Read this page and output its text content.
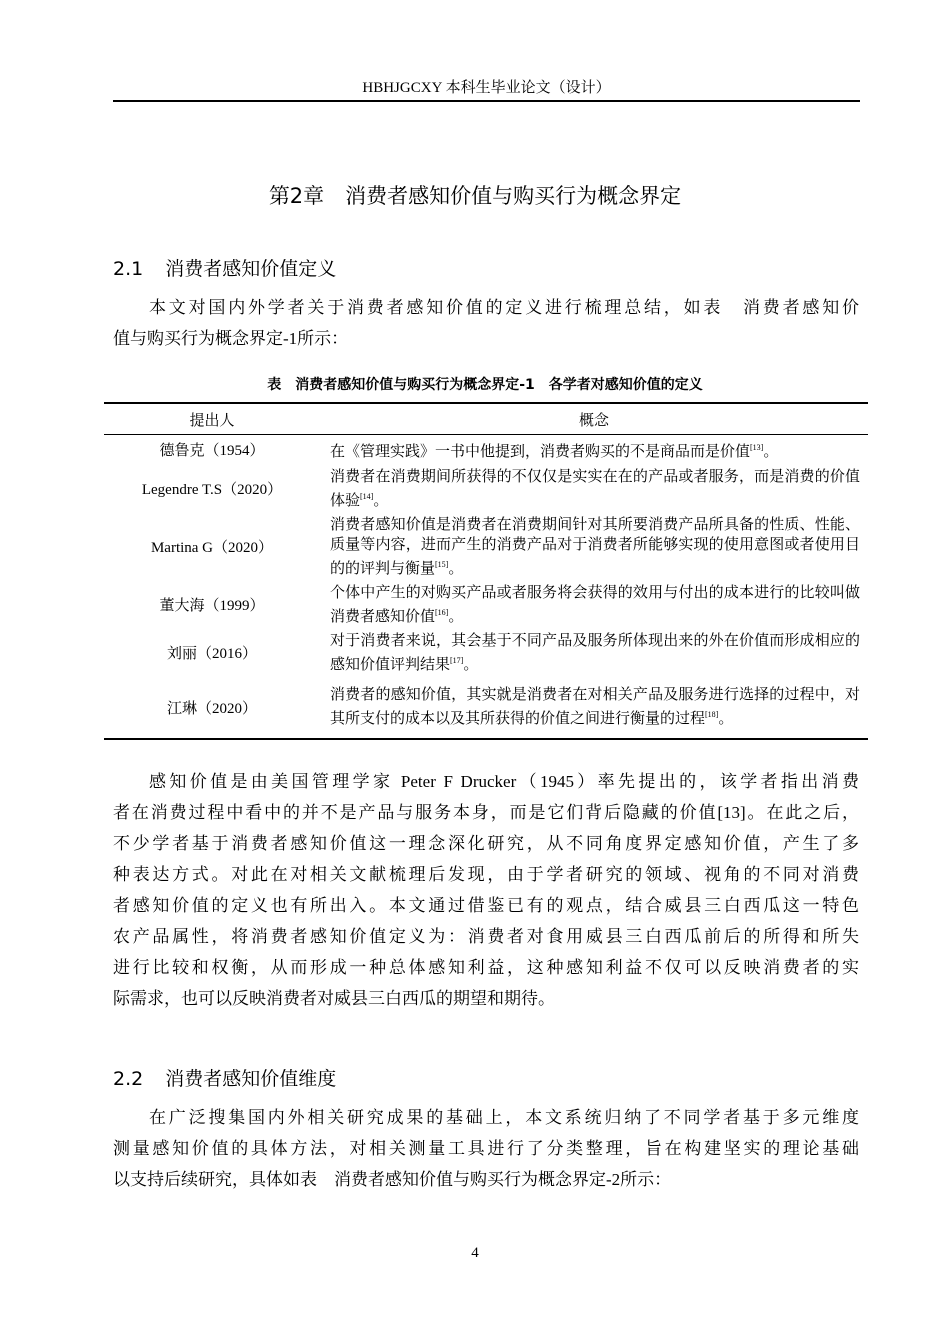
HBHJGCXY 本科生毕业论文（设计）
第2章　消费者感知价值与购买行为概念界定
2.1 消费者感知价值定义
本文对国内外学者关于消费者感知价值的定义进行梳理总结，如表　消费者感知价
值与购买行为概念界定-1所示：
表　消费者感知价值与购买行为概念界定-1　各学者对感知价值的定义
提出人	概念
德鲁克（1954）	在《管理实践》一书中他提到，消费者购买的不是商品而是价值[13]。
Legendre T.S（2020）	消费者在消费期间所获得的不仅仅是实实在在的产品或者服务，而是消费的价值体验[14]。
Martina G（2020）	消费者感知价值是消费者在消费期间针对其所要消费产品所具备的性质、性能、质量等内容，进而产生的消费产品对于消费者所能够实现的使用意图或者使用目的的评判与衡量[15]。
董大海（1999）	个体中产生的对购买产品或者服务将会获得的效用与付出的成本进行的比较叫做消费者感知价值[16]。
刘丽（2016）	对于消费者来说，其会基于不同产品及服务所体现出来的外在价值而形成相应的感知价值评判结果[17]。
江琳（2020）	消费者的感知价值，其实就是消费者在对相关产品及服务进行选择的过程中，对其所支付的成本以及其所获得的价值之间进行衡量的过程[18]。
感知价值是由美国管理学家 Peter F Drucker（1945）率先提出的，该学者指出消费
者在消费过程中看中的并不是产品与服务本身，而是它们背后隐藏的价值[13]。在此之后，
不少学者基于消费者感知价值这一理念深化研究，从不同角度界定感知价值，产生了多
种表达方式。对此在对相关文献梳理后发现，由于学者研究的领域、视角的不同对消费
者感知价值的定义也有所出入。本文通过借鉴已有的观点，结合威县三白西瓜这一特色
农产品属性，将消费者感知价值定义为：消费者对食用威县三白西瓜前后的所得和所失
进行比较和权衡，从而形成一种总体感知利益，这种感知利益不仅可以反映消费者的实
际需求，也可以反映消费者对威县三白西瓜的期望和期待。
2.2 消费者感知价值维度
在广泛搜集国内外相关研究成果的基础上，本文系统归纳了不同学者基于多元维度
测量感知价值的具体方法，对相关测量工具进行了分类整理，旨在构建坚实的理论基础
以支持后续研究，具体如表　消费者感知价值与购买行为概念界定-2所示：
4
